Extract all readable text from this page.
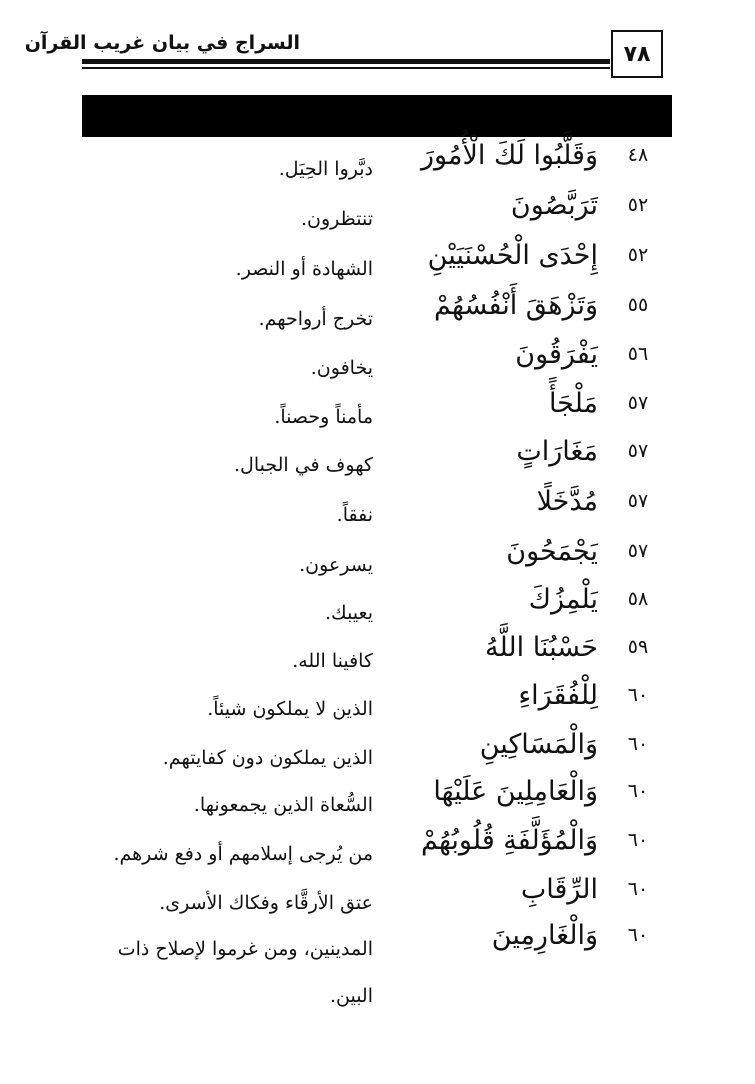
السراج في بيان غريب القرآن	٧٨
٤٨
وَقَلَّبُوا لَكَ الْأُمُورَ
دبَّروا الحِيَل.
٥٢
تَرَبَّصُونَ
تنتظرون.
٥٢
إِحْدَى الْحُسْنَيَيْنِ
الشهادة أو النصر.
٥٥
وَتَزْهَقَ أَنْفُسُهُمْ
تخرج أرواحهم.
٥٦
يَفْرَقُونَ
يخافون.
٥٧
مَلْجَأً
مأمناً وحصناً.
٥٧
مَغَارَاتٍ
كهوف في الجبال.
٥٧
مُدَّخَلًا
نفقاً.
٥٧
يَجْمَحُونَ
يسرعون.
٥٨
يَلْمِزُكَ
يعيبك.
٥٩
حَسْبُنَا اللَّهُ
كافينا الله.
٦٠
لِلْفُقَرَاءِ
الذين لا يملكون شيئاً.
٦٠
وَالْمَسَاكِينِ
الذين يملكون دون كفايتهم.
٦٠
وَالْعَامِلِينَ عَلَيْهَا
السُّعاة الذين يجمعونها.
٦٠
وَالْمُؤَلَّفَةِ قُلُوبُهُمْ
من يُرجى إسلامهم أو دفع شرهم.
٦٠
الرِّقَابِ
عتق الأرقَّاء وفكاك الأسرى.
٦٠
وَالْغَارِمِينَ
المدينين، ومن غرموا لإصلاح ذات البين.
